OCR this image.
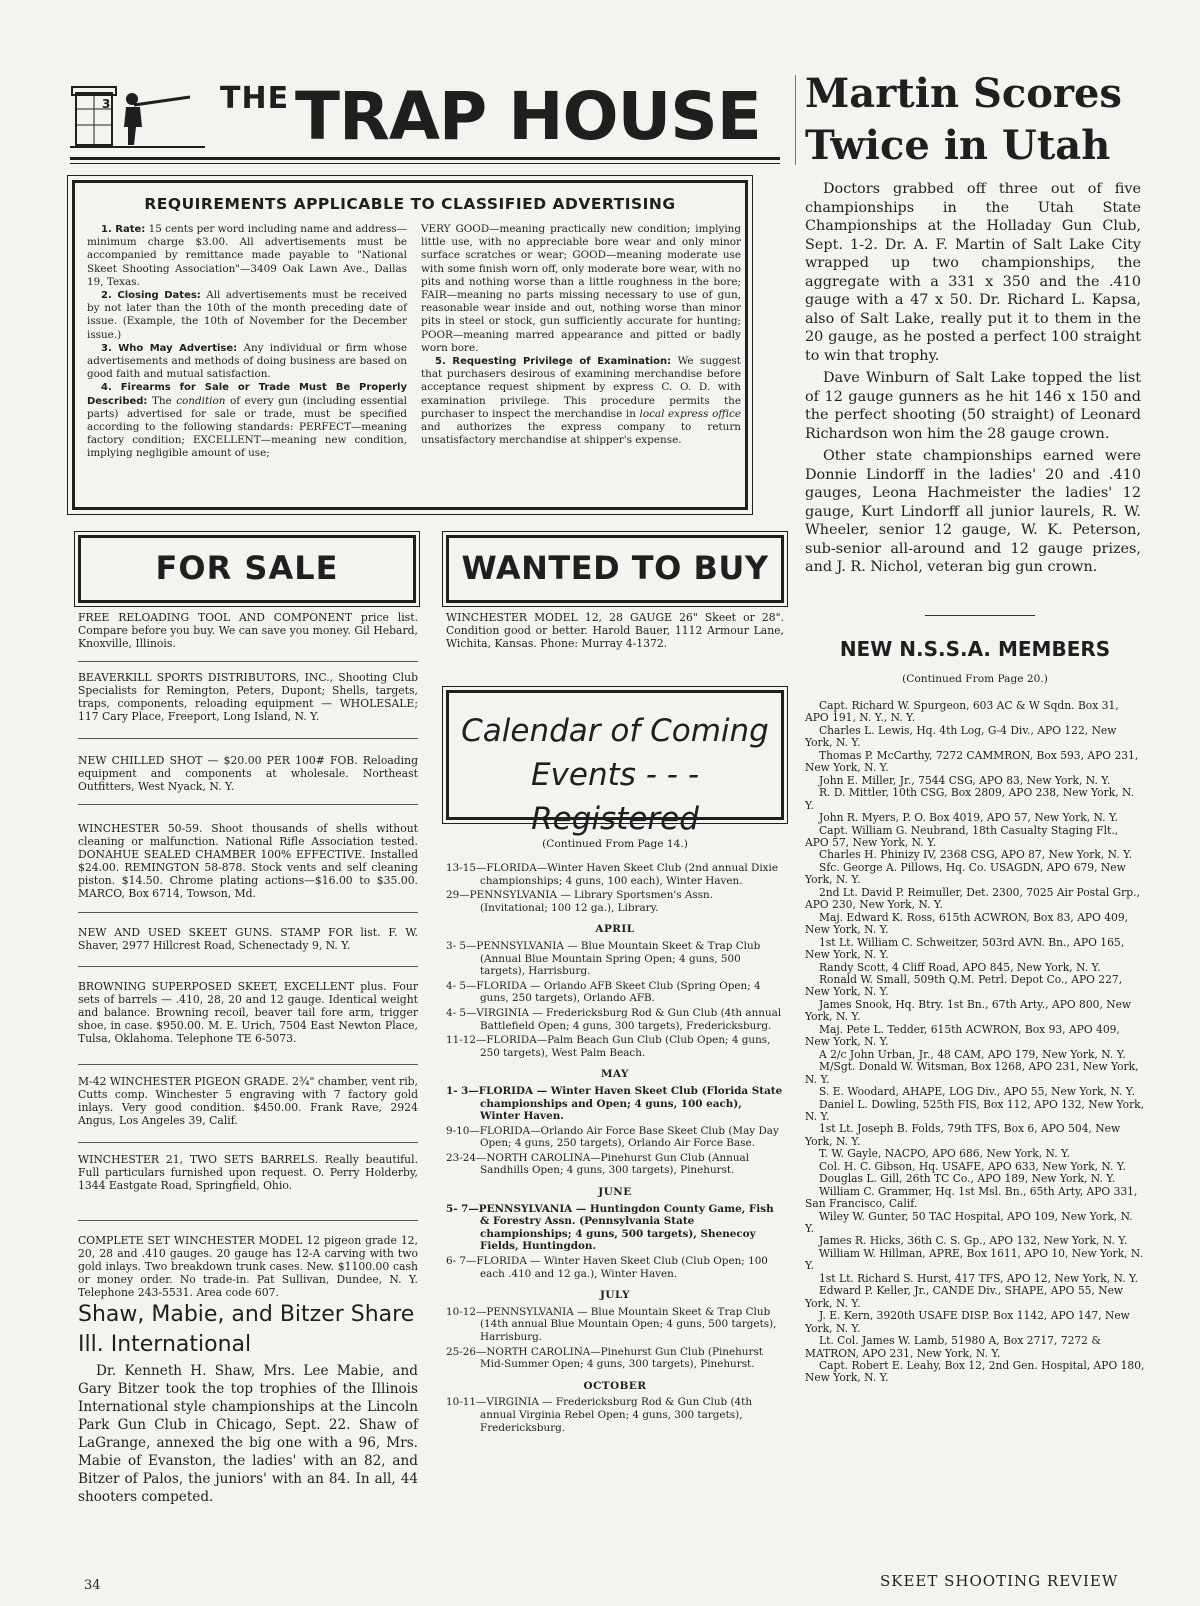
3	THE TRAP HOUSE
REQUIREMENTS APPLICABLE TO CLASSIFIED ADVERTISING

1. Rate: 15 cents per word including name and address—minimum charge $3.00. All advertisements must be accompanied by remittance made payable to "National Skeet Shooting Association"—3409 Oak Lawn Ave., Dallas 19, Texas.

2. Closing Dates: All advertisements must be received by not later than the 10th of the month preceding date of issue. (Example, the 10th of November for the December issue.)

3. Who May Advertise: Any individual or firm whose advertisements and methods of doing business are based on good faith and mutual satisfaction.

4. Firearms for Sale or Trade Must Be Properly Described: The condition of every gun (including essential parts) advertised for sale or trade, must be specified according to the following standards: PERFECT—meaning factory condition; EXCELLENT—meaning new condition, implying negligible amount of use;

VERY GOOD—meaning practically new condition; implying little use, with no appreciable bore wear and only minor surface scratches or wear; GOOD—meaning moderate use with some finish worn off, only moderate bore wear, with no pits and nothing worse than a little roughness in the bore; FAIR—meaning no parts missing necessary to use of gun, reasonable wear inside and out, nothing worse than minor pits in steel or stock, gun sufficiently accurate for hunting; POOR—meaning marred appearance and pitted or badly worn bore.

5. Requesting Privilege of Examination: We suggest that purchasers desirous of examining merchandise before acceptance request shipment by express C. O. D. with examination privilege. This procedure permits the purchaser to inspect the merchandise in local express office and authorizes the express company to return unsatisfactory merchandise at shipper's expense.

FOR SALE
FREE RELOADING TOOL AND COMPONENT price list. Compare before you buy. We can save you money. Gil Hebard, Knoxville, Illinois.
BEAVERKILL SPORTS DISTRIBUTORS, INC., Shooting Club Specialists for Remington, Peters, Dupont; Shells, targets, traps, components, reloading equipment — WHOLESALE; 117 Cary Place, Freeport, Long Island, N. Y.
NEW CHILLED SHOT — $20.00 PER 100# FOB. Reloading equipment and components at wholesale. Northeast Outfitters, West Nyack, N. Y.
WINCHESTER 50-59. Shoot thousands of shells without cleaning or malfunction. National Rifle Association tested. DONAHUE SEALED CHAMBER 100% EFFECTIVE. Installed $24.00. REMINGTON 58-878. Stock vents and self cleaning piston. $14.50. Chrome plating actions—$16.00 to $35.00. MARCO, Box 6714, Towson, Md.
NEW AND USED SKEET GUNS. STAMP FOR list. F. W. Shaver, 2977 Hillcrest Road, Schenectady 9, N. Y.
BROWNING SUPERPOSED SKEET, EXCELLENT plus. Four sets of barrels — .410, 28, 20 and 12 gauge. Identical weight and balance. Browning recoil, beaver tail fore arm, trigger shoe, in case. $950.00. M. E. Urich, 7504 East Newton Place, Tulsa, Oklahoma. Telephone TE 6-5073.
M-42 WINCHESTER PIGEON GRADE. 2¾" chamber, vent rib, Cutts comp. Winchester 5 engraving with 7 factory gold inlays. Very good condition. $450.00. Frank Rave, 2924 Angus, Los Angeles 39, Calif.
WINCHESTER 21, TWO SETS BARRELS. Really beautiful. Full particulars furnished upon request. O. Perry Holderby, 1344 Eastgate Road, Springfield, Ohio.
COMPLETE SET WINCHESTER MODEL 12 pigeon grade 12, 20, 28 and .410 gauges. 20 gauge has 12-A carving with two gold inlays. Two breakdown trunk cases. New. $1100.00 cash or money order. No trade-in. Pat Sullivan, Dundee, N. Y. Telephone 243-5531. Area code 607.
Shaw, Mabie, and Bitzer Share Ill. International
Dr. Kenneth H. Shaw, Mrs. Lee Mabie, and Gary Bitzer took the top trophies of the Illinois International style championships at the Lincoln Park Gun Club in Chicago, Sept. 22. Shaw of LaGrange, annexed the big one with a 96, Mrs. Mabie of Evanston, the ladies' with an 82, and Bitzer of Palos, the juniors' with an 84. In all, 44 shooters competed.
WANTED TO BUY
WINCHESTER MODEL 12, 28 GAUGE 26" Skeet or 28". Condition good or better. Harold Bauer, 1112 Armour Lane, Wichita, Kansas. Phone: Murray 4-1372.
Calendar of Coming
Events - - - Registered
(Continued From Page 14.)
13-15—FLORIDA—Winter Haven Skeet Club (2nd annual Dixie championships; 4 guns, 100 each), Winter Haven.
29—PENNSYLVANIA — Library Sportsmen's Assn. (Invitational; 100 12 ga.), Library.
APRIL
3- 5—PENNSYLVANIA — Blue Mountain Skeet & Trap Club (Annual Blue Mountain Spring Open; 4 guns, 500 targets), Harrisburg.
4- 5—FLORIDA — Orlando AFB Skeet Club (Spring Open; 4 guns, 250 targets), Orlando AFB.
4- 5—VIRGINIA — Fredericksburg Rod & Gun Club (4th annual Battlefield Open; 4 guns, 300 targets), Fredericksburg.
11-12—FLORIDA—Palm Beach Gun Club (Club Open; 4 guns, 250 targets), West Palm Beach.
MAY
1- 3—FLORIDA — Winter Haven Skeet Club (Florida State championships and Open; 4 guns, 100 each), Winter Haven.
9-10—FLORIDA—Orlando Air Force Base Skeet Club (May Day Open; 4 guns, 250 targets), Orlando Air Force Base.
23-24—NORTH CAROLINA—Pinehurst Gun Club (Annual Sandhills Open; 4 guns, 300 targets), Pinehurst.
JUNE
5- 7—PENNSYLVANIA — Huntingdon County Game, Fish & Forestry Assn. (Pennsylvania State championships; 4 guns, 500 targets), Shenecoy Fields, Huntingdon.
6- 7—FLORIDA — Winter Haven Skeet Club (Club Open; 100 each .410 and 12 ga.), Winter Haven.
JULY
10-12—PENNSYLVANIA — Blue Mountain Skeet & Trap Club (14th annual Blue Mountain Open; 4 guns, 500 targets), Harrisburg.
25-26—NORTH CAROLINA—Pinehurst Gun Club (Pinehurst Mid-Summer Open; 4 guns, 300 targets), Pinehurst.
OCTOBER
10-11—VIRGINIA — Fredericksburg Rod & Gun Club (4th annual Virginia Rebel Open; 4 guns, 300 targets), Fredericksburg.
Martin Scores
Twice in Utah

Doctors grabbed off three out of five championships in the Utah State Championships at the Holladay Gun Club, Sept. 1-2. Dr. A. F. Martin of Salt Lake City wrapped up two championships, the aggregate with a 331 x 350 and the .410 gauge with a 47 x 50. Dr. Richard L. Kapsa, also of Salt Lake, really put it to them in the 20 gauge, as he posted a perfect 100 straight to win that trophy.

Dave Winburn of Salt Lake topped the list of 12 gauge gunners as he hit 146 x 150 and the perfect shooting (50 straight) of Leonard Richardson won him the 28 gauge crown.

Other state championships earned were Donnie Lindorff in the ladies' 20 and .410 gauges, Leona Hachmeister the ladies' 12 gauge, Kurt Lindorff all junior laurels, R. W. Wheeler, senior 12 gauge, W. K. Peterson, sub-senior all-around and 12 gauge prizes, and J. R. Nichol, veteran big gun crown.

NEW N.S.S.A. MEMBERS
(Continued From Page 20.)
Capt. Richard W. Spurgeon, 603 AC & W Sqdn. Box 31, APO 191, N. Y., N. Y.
Charles L. Lewis, Hq. 4th Log, G-4 Div., APO 122, New York, N. Y.
Thomas P. McCarthy, 7272 CAMMRON, Box 593, APO 231, New York, N. Y.
John E. Miller, Jr., 7544 CSG, APO 83, New York, N. Y.
R. D. Mittler, 10th CSG, Box 2809, APO 238, New York, N. Y.
John R. Myers, P. O. Box 4019, APO 57, New York, N. Y.
Capt. William G. Neubrand, 18th Casualty Staging Flt., APO 57, New York, N. Y.
Charles H. Phinizy IV, 2368 CSG, APO 87, New York, N. Y.
Sfc. George A. Pillows, Hq. Co. USAGDN, APO 679, New York, N. Y.
2nd Lt. David P. Reimuller, Det. 2300, 7025 Air Postal Grp., APO 230, New York, N. Y.
Maj. Edward K. Ross, 615th ACWRON, Box 83, APO 409, New York, N. Y.
1st Lt. William C. Schweitzer, 503rd AVN. Bn., APO 165, New York, N. Y.
Randy Scott, 4 Cliff Road, APO 845, New York, N. Y.
Ronald W. Small, 509th Q.M. Petrl. Depot Co., APO 227, New York, N. Y.
James Snook, Hq. Btry. 1st Bn., 67th Arty., APO 800, New York, N. Y.
Maj. Pete L. Tedder, 615th ACWRON, Box 93, APO 409, New York, N. Y.
A 2/c John Urban, Jr., 48 CAM, APO 179, New York, N. Y.
M/Sgt. Donald W. Witsman, Box 1268, APO 231, New York, N. Y.
S. E. Woodard, AHAPE, LOG Div., APO 55, New York, N. Y.
Daniel L. Dowling, 525th FIS, Box 112, APO 132, New York, N. Y.
1st Lt. Joseph B. Folds, 79th TFS, Box 6, APO 504, New York, N. Y.
T. W. Gayle, NACPO, APO 686, New York, N. Y.
Col. H. C. Gibson, Hq. USAFE, APO 633, New York, N. Y.
Douglas L. Gill, 26th TC Co., APO 189, New York, N. Y.
William C. Grammer, Hq. 1st Msl. Bn., 65th Arty, APO 331, San Francisco, Calif.
Wiley W. Gunter, 50 TAC Hospital, APO 109, New York, N. Y.
James R. Hicks, 36th C. S. Gp., APO 132, New York, N. Y.
William W. Hillman, APRE, Box 1611, APO 10, New York, N. Y.
1st Lt. Richard S. Hurst, 417 TFS, APO 12, New York, N. Y.
Edward P. Keller, Jr., CANDE Div., SHAPE, APO 55, New York, N. Y.
J. E. Kern, 3920th USAFE DISP. Box 1142, APO 147, New York, N. Y.
Lt. Col. James W. Lamb, 51980 A, Box 2717, 7272 & MATRON, APO 231, New York, N. Y.
Capt. Robert E. Leahy, Box 12, 2nd Gen. Hospital, APO 180, New York, N. Y.
34	SKEET SHOOTING REVIEW
